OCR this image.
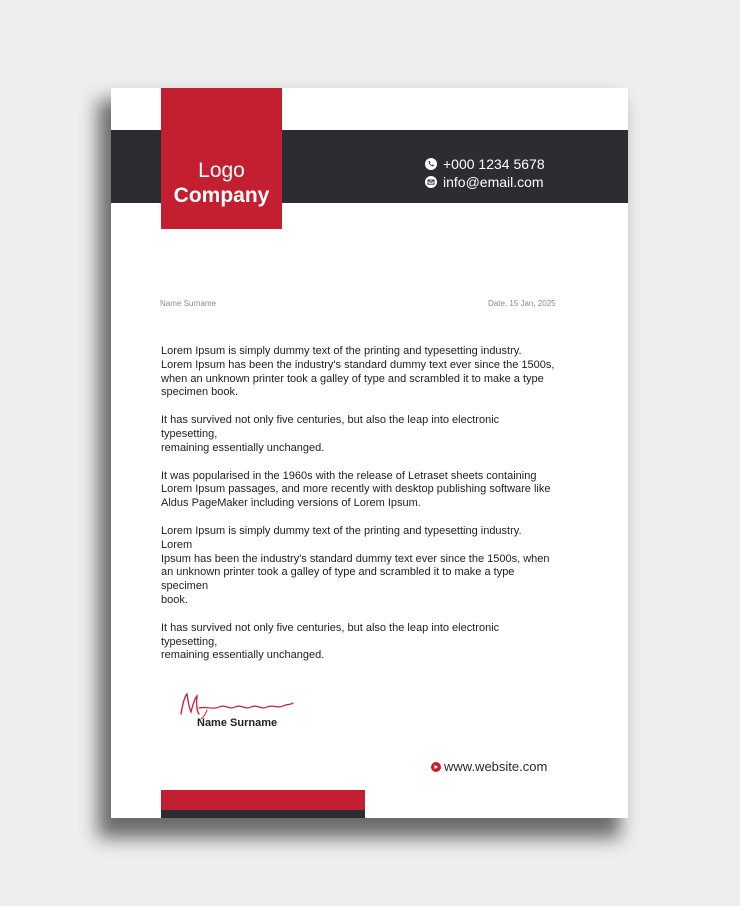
+000 1234 5678
info@email.com
Logo
Company
Name Surname	Date, 15 Jan, 2025

Lorem Ipsum is simply dummy text of the printing and typesetting industry.
Lorem Ipsum has been the industry's standard dummy text ever since the 1500s,
when an unknown printer took a galley of type and scrambled it to make a type
specimen book.

It has survived not only five centuries, but also the leap into electronic
typesetting,
remaining essentially unchanged.

It was popularised in the 1960s with the release of Letraset sheets containing
Lorem Ipsum passages, and more recently with desktop publishing software like
Aldus PageMaker including versions of Lorem Ipsum.

Lorem Ipsum is simply dummy text of the printing and typesetting industry.
Lorem
Ipsum has been the industry's standard dummy text ever since the 1500s, when
an unknown printer took a galley of type and scrambled it to make a type
specimen
book.

It has survived not only five centuries, but also the leap into electronic
typesetting,
remaining essentially unchanged.

Name Surname
www.website.com
